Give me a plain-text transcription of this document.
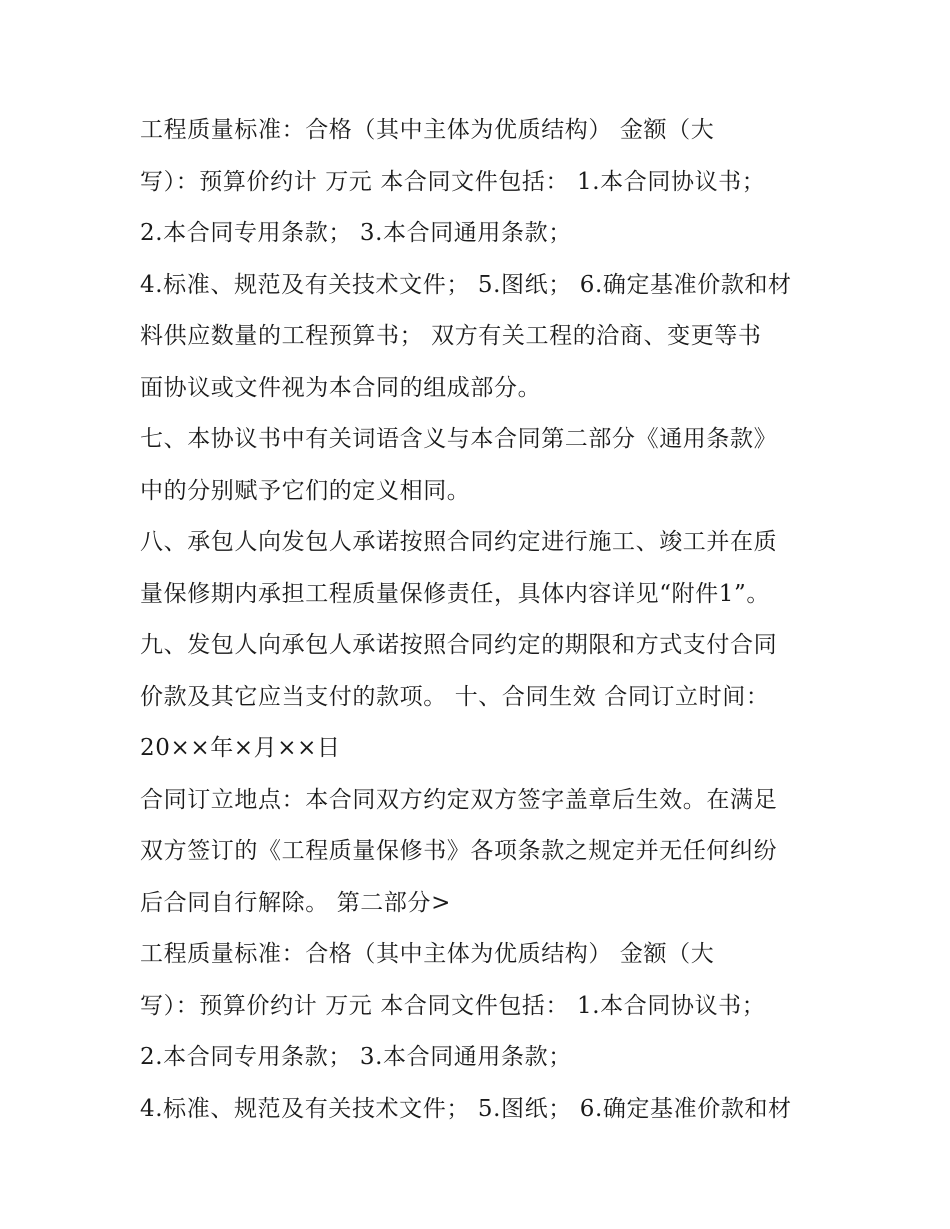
工程质量标准：合格（其中主体为优质结构） 金额（大
写）：预算价约计 万元 本合同文件包括： 1.本合同协议书；
2.本合同专用条款； 3.本合同通用条款；
4.标准、规范及有关技术文件； 5.图纸； 6.确定基准价款和材
料供应数量的工程预算书； 双方有关工程的洽商、变更等书
面协议或文件视为本合同的组成部分。
七、本协议书中有关词语含义与本合同第二部分《通用条款》
中的分别赋予它们的定义相同。
八、承包人向发包人承诺按照合同约定进行施工、竣工并在质
量保修期内承担工程质量保修责任，具体内容详见“附件1”。
九、发包人向承包人承诺按照合同约定的期限和方式支付合同
价款及其它应当支付的款项。 十、合同生效 合同订立时间：
20××年×月××日
合同订立地点：本合同双方约定双方签字盖章后生效。在满足
双方签订的《工程质量保修书》各项条款之规定并无任何纠纷
后合同自行解除。 第二部分>
工程质量标准：合格（其中主体为优质结构） 金额（大
写）：预算价约计 万元 本合同文件包括： 1.本合同协议书；
2.本合同专用条款； 3.本合同通用条款；
4.标准、规范及有关技术文件； 5.图纸； 6.确定基准价款和材
